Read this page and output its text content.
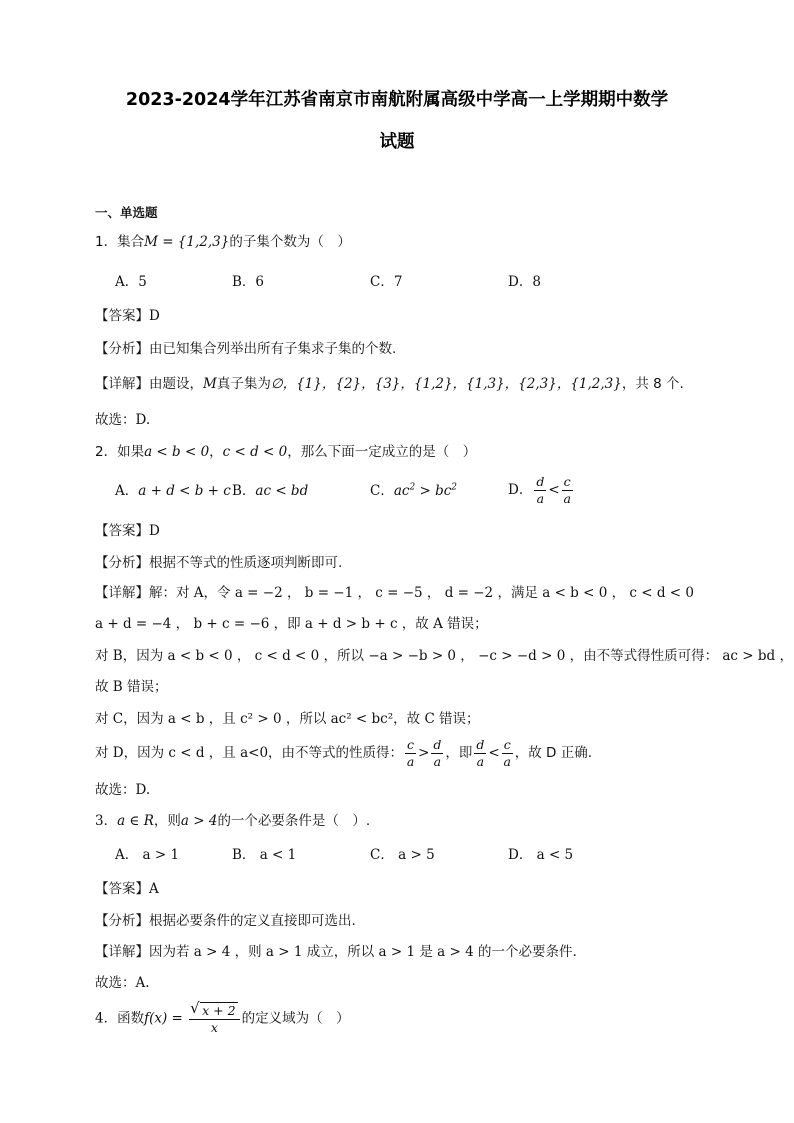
2023-2024学年江苏省南京市南航附属高级中学高一上学期期中数学
试题
一、单选题
1．集合M = {1,2,3}的子集个数为（　）
A．5	B．6	C．7	D．8
【答案】D
【分析】由已知集合列举出所有子集求子集的个数.
【详解】由题设，M真子集为∅，{1}，{2}，{3}，{1,2}，{1,3}，{2,3}，{1,2,3}，共 8 个.
故选：D.
2．如果a < b < 0，c < d < 0，那么下面一定成立的是（　）
A．a + d < b + c B．ac < bd	C．$ac^2 > bc^2$	D． $\frac{d}{a} < \frac{c}{a}$
【答案】D
【分析】根据不等式的性质逐项判断即可.
【详解】解：对 A，令 a = −2 ， b = −1 ， c = −5 ， d = −2 ，满足 a < b < 0 ， c < d < 0
a + d = −4 ， b + c = −6 ，即 a + d > b + c ，故 A 错误；
对 B，因为 a < b < 0 ， c < d < 0 ，所以 −a > −b > 0 ， −c > −d > 0 ，由不等式得性质可得： ac > bd ，
故 B 错误；
对 C，因为 a < b ，且 c² > 0 ，所以 ac² < bc²，故 C 错误；
对 D，因为 c < d ，且 a<0，由不等式的性质得： $\frac{c}{a} > \frac{d}{a}$ ，即 $\frac{d}{a} < \frac{c}{a}$ ，故 D 正确.
故选：D.
3．a ∈ R，则a > 4的一个必要条件是（　）.
A． a > 1	B． a < 1	C． a > 5	D． a < 5
【答案】A
【分析】根据必要条件的定义直接即可选出.
【详解】因为若 a > 4 ，则 a > 1 成立，所以 a > 1 是 a > 4 的一个必要条件.
故选：A.
4．函数f(x) =
√ $\frac{x + 2}{x}$ 的定义域为（　）
